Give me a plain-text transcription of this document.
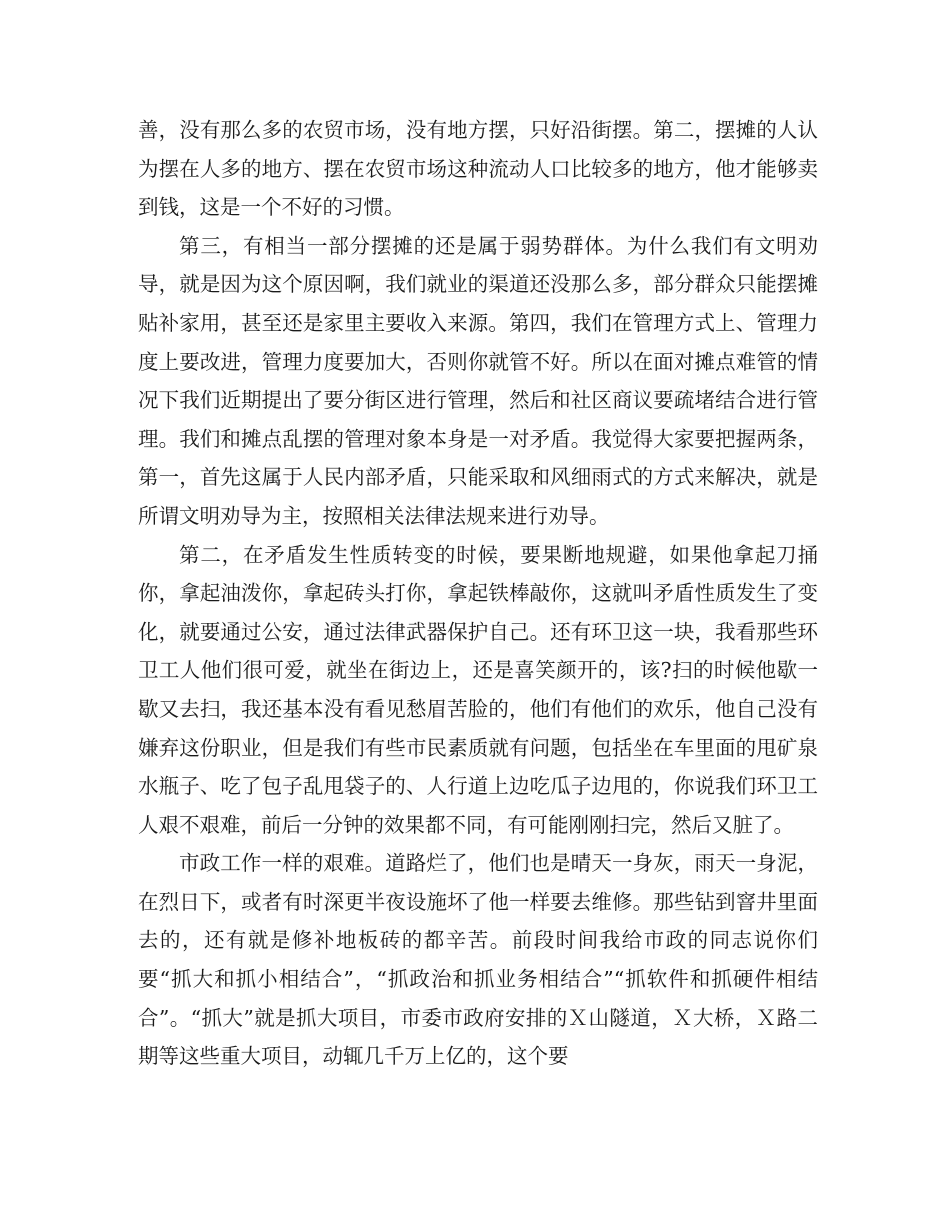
善，没有那么多的农贸市场，没有地方摆，只好沿街摆。第二，摆摊的人认为摆在人多的地方、摆在农贸市场这种流动人口比较多的地方，他才能够卖到钱，这是一个不好的习惯。

第三，有相当一部分摆摊的还是属于弱势群体。为什么我们有文明劝导，就是因为这个原因啊，我们就业的渠道还没那么多，部分群众只能摆摊贴补家用，甚至还是家里主要收入来源。第四，我们在管理方式上、管理力度上要改进，管理力度要加大，否则你就管不好。所以在面对摊点难管的情况下我们近期提出了要分街区进行管理，然后和社区商议要疏堵结合进行管理。我们和摊点乱摆的管理对象本身是一对矛盾。我觉得大家要把握两条，第一，首先这属于人民内部矛盾，只能采取和风细雨式的方式来解决，就是所谓文明劝导为主，按照相关法律法规来进行劝导。

第二，在矛盾发生性质转变的时候，要果断地规避，如果他拿起刀捅你，拿起油泼你，拿起砖头打你，拿起铁棒敲你，这就叫矛盾性质发生了变化，就要通过公安，通过法律武器保护自己。还有环卫这一块，我看那些环卫工人他们很可爱，就坐在街边上，还是喜笑颜开的，该?扫的时候他歇一歇又去扫，我还基本没有看见愁眉苦脸的，他们有他们的欢乐，他自己没有嫌弃这份职业，但是我们有些市民素质就有问题，包括坐在车里面的甩矿泉水瓶子、吃了包子乱甩袋子的、人行道上边吃瓜子边甩的，你说我们环卫工人艰不艰难，前后一分钟的效果都不同，有可能刚刚扫完，然后又脏了。

市政工作一样的艰难。道路烂了，他们也是晴天一身灰，雨天一身泥，在烈日下，或者有时深更半夜设施坏了他一样要去维修。那些钻到窨井里面去的，还有就是修补地板砖的都辛苦。前段时间我给市政的同志说你们要“抓大和抓小相结合”，“抓政治和抓业务相结合”“抓软件和抓硬件相结合”。“抓大”就是抓大项目，市委市政府安排的Ｘ山隧道，Ｘ大桥，Ｘ路二期等这些重大项目，动辄几千万上亿的，这个要
